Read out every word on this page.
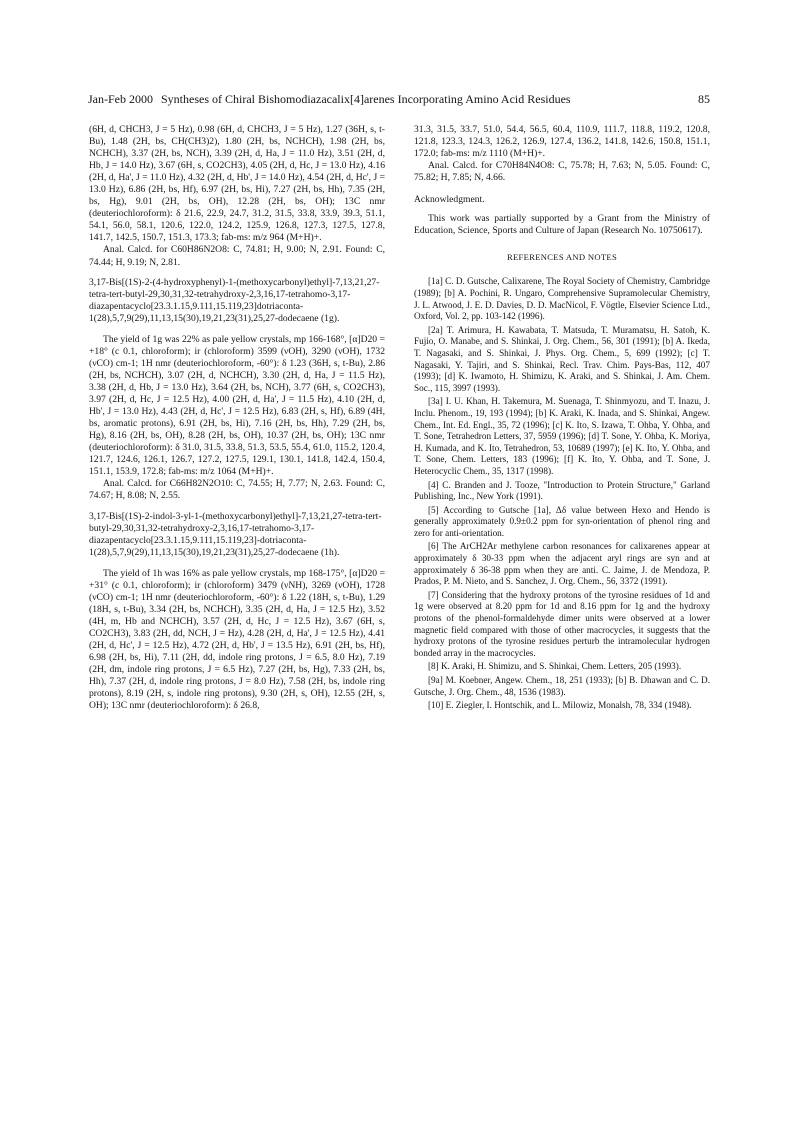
Jan-Feb 2000 Syntheses of Chiral Bishomodiazacalix[4]arenes Incorporating Amino Acid Residues	85

(6H, d, CHCH3, J = 5 Hz), 0.98 (6H, d, CHCH3, J = 5 Hz), 1.27 (36H, s, t-Bu), 1.48 (2H, bs, CH(CH3)2), 1.80 (2H, bs, NCHCH), 1.98 (2H, bs, NCHCH), 3.37 (2H, bs, NCH), 3.39 (2H, d, Ha, J = 11.0 Hz), 3.51 (2H, d, Hb, J = 14.0 Hz), 3.67 (6H, s, CO2CH3), 4.05 (2H, d, Hc, J = 13.0 Hz), 4.16 (2H, d, Ha', J = 11.0 Hz), 4.32 (2H, d, Hb', J = 14.0 Hz), 4.54 (2H, d, Hc', J = 13.0 Hz), 6.86 (2H, bs, Hf), 6.97 (2H, bs, Hi), 7.27 (2H, bs, Hh), 7.35 (2H, bs, Hg), 9.01 (2H, bs, OH), 12.28 (2H, bs, OH); 13C nmr (deuteriochloroform): δ 21.6, 22.9, 24.7, 31.2, 31.5, 33.8, 33.9, 39.3, 51.1, 54.1, 56.0, 58.1, 120.6, 122.0, 124.2, 125.9, 126.8, 127.3, 127.5, 127.8, 141.7, 142.5, 150.7, 151.3, 173.3; fab-ms: m/z 964 (M+H)+.

Anal. Calcd. for C60H86N2O8: C, 74.81; H, 9.00; N, 2.91. Found: C, 74.44; H, 9.19; N, 2.81.

3,17-Bis[(1S)-2-(4-hydroxyphenyl)-1-(methoxycarbonyl)ethyl]-7,13,21,27-tetra-tert-butyl-29,30,31,32-tetrahydroxy-2,3,16,17-tetrahomo-3,17-diazapentacyclo[23.3.1.15,9.111,15.119,23]dotriaconta-1(28),5,7,9(29),11,13,15(30),19,21,23(31),25,27-dodecaene (1g).

The yield of 1g was 22% as pale yellow crystals, mp 166-168°, [α]D20 = +18° (c 0.1, chloroform); ir (chloroform) 3599 (νOH), 3290 (νOH), 1732 (νCO) cm-1; 1H nmr (deuteriochloroform, -60°): δ 1.23 (36H, s, t-Bu), 2.86 (2H, bs, NCHCH), 3.07 (2H, d, NCHCH), 3.30 (2H, d, Ha, J = 11.5 Hz), 3.38 (2H, d, Hb, J = 13.0 Hz), 3.64 (2H, bs, NCH), 3.77 (6H, s, CO2CH3), 3.97 (2H, d, Hc, J = 12.5 Hz), 4.00 (2H, d, Ha', J = 11.5 Hz), 4.10 (2H, d, Hb', J = 13.0 Hz), 4.43 (2H, d, Hc', J = 12.5 Hz), 6.83 (2H, s, Hf), 6.89 (4H, bs, aromatic protons), 6.91 (2H, bs, Hi), 7.16 (2H, bs, Hh), 7.29 (2H, bs, Hg), 8.16 (2H, bs, OH), 8.28 (2H, bs, OH), 10.37 (2H, bs, OH); 13C nmr (deuteriochloroform): δ 31.0, 31.5, 33.8, 51.3, 53.5, 55.4, 61.0, 115.2, 120.4, 121.7, 124.6, 126.1, 126.7, 127.2, 127.5, 129.1, 130.1, 141.8, 142.4, 150.4, 151.1, 153.9, 172.8; fab-ms: m/z 1064 (M+H)+.

Anal. Calcd. for C66H82N2O10: C, 74.55; H, 7.77; N, 2.63. Found: C, 74.67; H, 8.08; N, 2.55.

3,17-Bis[(1S)-2-indol-3-yl-1-(methoxycarbonyl)ethyl]-7,13,21,27-tetra-tert-butyl-29,30,31,32-tetrahydroxy-2,3,16,17-tetrahomo-3,17-diazapentacyclo[23.3.1.15,9.111,15.119,23]-dotriaconta-1(28),5,7,9(29),11,13,15(30),19,21,23(31),25,27-dodecaene (1h).

The yield of 1h was 16% as pale yellow crystals, mp 168-175°, [α]D20 = +31° (c 0.1, chloroform); ir (chloroform) 3479 (νNH), 3269 (νOH), 1728 (νCO) cm-1; 1H nmr (deuteriochloroform, -60°): δ 1.22 (18H, s, t-Bu), 1.29 (18H, s, t-Bu), 3.34 (2H, bs, NCHCH), 3.35 (2H, d, Ha, J = 12.5 Hz), 3.52 (4H, m, Hb and NCHCH), 3.57 (2H, d, Hc, J = 12.5 Hz), 3.67 (6H, s, CO2CH3), 3.83 (2H, dd, NCH, J = Hz), 4.28 (2H, d, Ha', J = 12.5 Hz), 4.41 (2H, d, Hc', J = 12.5 Hz), 4.72 (2H, d, Hb', J = 13.5 Hz), 6.91 (2H, bs, Hf), 6.98 (2H, bs, Hi), 7.11 (2H, dd, indole ring protons, J = 6.5, 8.0 Hz), 7.19 (2H, dm, indole ring protons, J = 6.5 Hz), 7.27 (2H, bs, Hg), 7.33 (2H, bs, Hh), 7.37 (2H, d, indole ring protons, J = 8.0 Hz), 7.58 (2H, bs, indole ring protons), 8.19 (2H, s, indole ring protons), 9.30 (2H, s, OH), 12.55 (2H, s, OH); 13C nmr (deuteriochloroform): δ 26.8,

31.3, 31.5, 33.7, 51.0, 54.4, 56.5, 60.4, 110.9, 111.7, 118.8, 119.2, 120.8, 121.8, 123.3, 124.3, 126.2, 126.9, 127.4, 136.2, 141.8, 142.6, 150.8, 151.1, 172.0; fab-ms: m/z 1110 (M+H)+.

Anal. Calcd. for C70H84N4O8: C, 75.78; H, 7.63; N, 5.05. Found: C, 75.82; H, 7.85; N, 4.66.

Acknowledgment.

This work was partially supported by a Grant from the Ministry of Education, Science, Sports and Culture of Japan (Research No. 10750617).

REFERENCES AND NOTES

[1a] C. D. Gutsche, Calixarene, The Royal Society of Chemistry, Cambridge (1989); [b] A. Pochini, R. Ungaro, Comprehensive Supramolecular Chemistry, J. L. Atwood, J. E. D. Davies, D. D. MacNicol, F. Vögtle, Elsevier Science Ltd., Oxford, Vol. 2, pp. 103-142 (1996).

[2a] T. Arimura, H. Kawabata, T. Matsuda, T. Muramatsu, H. Satoh, K. Fujio, O. Manabe, and S. Shinkai, J. Org. Chem., 56, 301 (1991); [b] A. Ikeda, T. Nagasaki, and S. Shinkai, J. Phys. Org. Chem., 5, 699 (1992); [c] T. Nagasaki, Y. Tajiri, and S. Shinkai, Recl. Trav. Chim. Pays-Bas, 112, 407 (1993); [d] K. Iwamoto, H. Shimizu, K. Araki, and S. Shinkai, J. Am. Chem. Soc., 115, 3997 (1993).

[3a] I. U. Khan, H. Takemura, M. Suenaga, T. Shinmyozu, and T. Inazu, J. Inclu. Phenom., 19, 193 (1994); [b] K. Araki, K. Inada, and S. Shinkai, Angew. Chem., Int. Ed. Engl., 35, 72 (1996); [c] K. Ito, S. Izawa, T. Ohba, Y. Ohba, and T. Sone, Tetrahedron Letters, 37, 5959 (1996); [d] T. Sone, Y. Ohba, K. Moriya, H. Kumada, and K. Ito, Tetrahedron, 53, 10689 (1997); [e] K. Ito, Y. Ohba, and T. Sone, Chem. Letters, 183 (1996); [f] K. Ito, Y. Ohba, and T. Sone, J. Heterocyclic Chem., 35, 1317 (1998).

[4] C. Branden and J. Tooze, "Introduction to Protein Structure," Garland Publishing, Inc., New York (1991).

[5] According to Gutsche [1a], Δδ value between Hexo and Hendo is generally approximately 0.9±0.2 ppm for syn-orientation of phenol ring and zero for anti-orientation.

[6] The ArCH2Ar methylene carbon resonances for calixarenes appear at approximately δ 30-33 ppm when the adjacent aryl rings are syn and at approximately δ 36-38 ppm when they are anti. C. Jaime, J. de Mendoza, P. Prados, P. M. Nieto, and S. Sanchez, J. Org. Chem., 56, 3372 (1991).

[7] Considering that the hydroxy protons of the tyrosine residues of 1d and 1g were observed at 8.20 ppm for 1d and 8.16 ppm for 1g and the hydroxy protons of the phenol-formaldehyde dimer units were observed at a lower magnetic field compared with those of other macrocycles, it suggests that the hydroxy protons of the tyrosine residues perturb the intramolecular hydrogen bonded array in the macrocycles.

[8] K. Araki, H. Shimizu, and S. Shinkai, Chem. Letters, 205 (1993).

[9a] M. Koebner, Angew. Chem., 18, 251 (1933); [b] B. Dhawan and C. D. Gutsche, J. Org. Chem., 48, 1536 (1983).

[10] E. Ziegler, I. Hontschik, and L. Milowiz, Monalsh, 78, 334 (1948).
